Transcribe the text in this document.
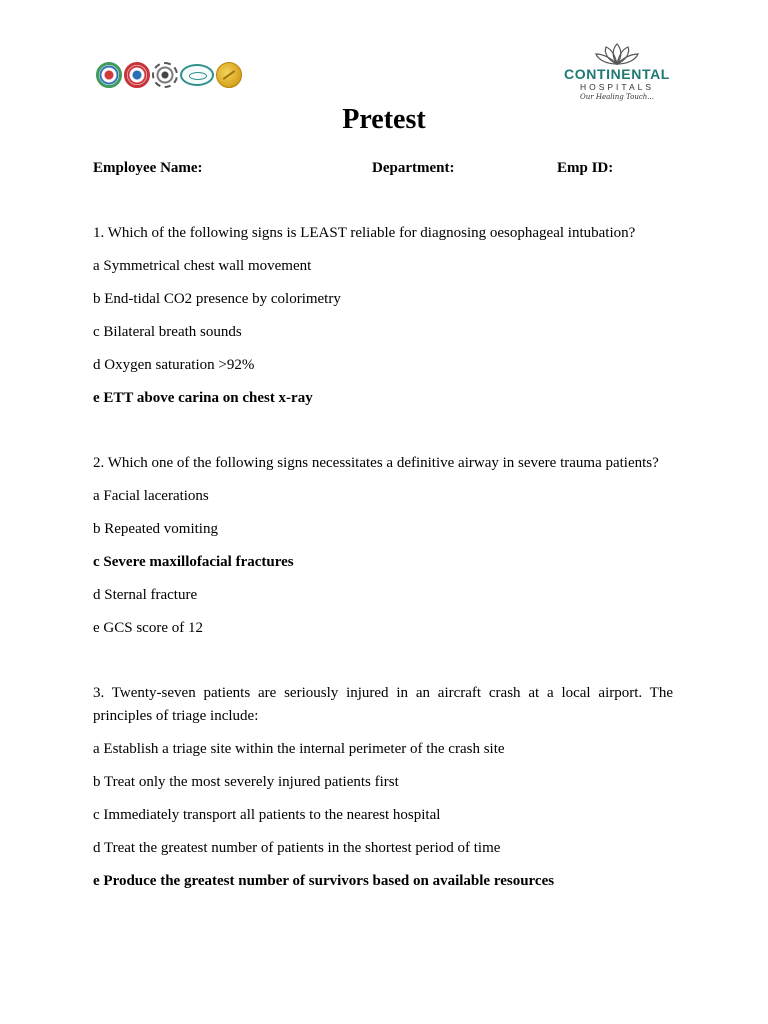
CONTINENTAL
HOSPITALS
Our Healing Touch...
Pretest
Employee Name:	Department:	Emp ID:

1. Which of the following signs is LEAST reliable for diagnosing oesophageal intubation?

a Symmetrical chest wall movement

b End-tidal CO2 presence by colorimetry

c Bilateral breath sounds

d Oxygen saturation >92%

e ETT above carina on chest x-ray

2. Which one of the following signs necessitates a definitive airway in severe trauma patients?

a Facial lacerations

b Repeated vomiting

c Severe maxillofacial fractures

d Sternal fracture

e GCS score of 12

3. Twenty-seven patients are seriously injured in an aircraft crash at a local airport. The principles of triage include:

a Establish a triage site within the internal perimeter of the crash site

b Treat only the most severely injured patients first

c Immediately transport all patients to the nearest hospital

d Treat the greatest number of patients in the shortest period of time

e Produce the greatest number of survivors based on available resources
